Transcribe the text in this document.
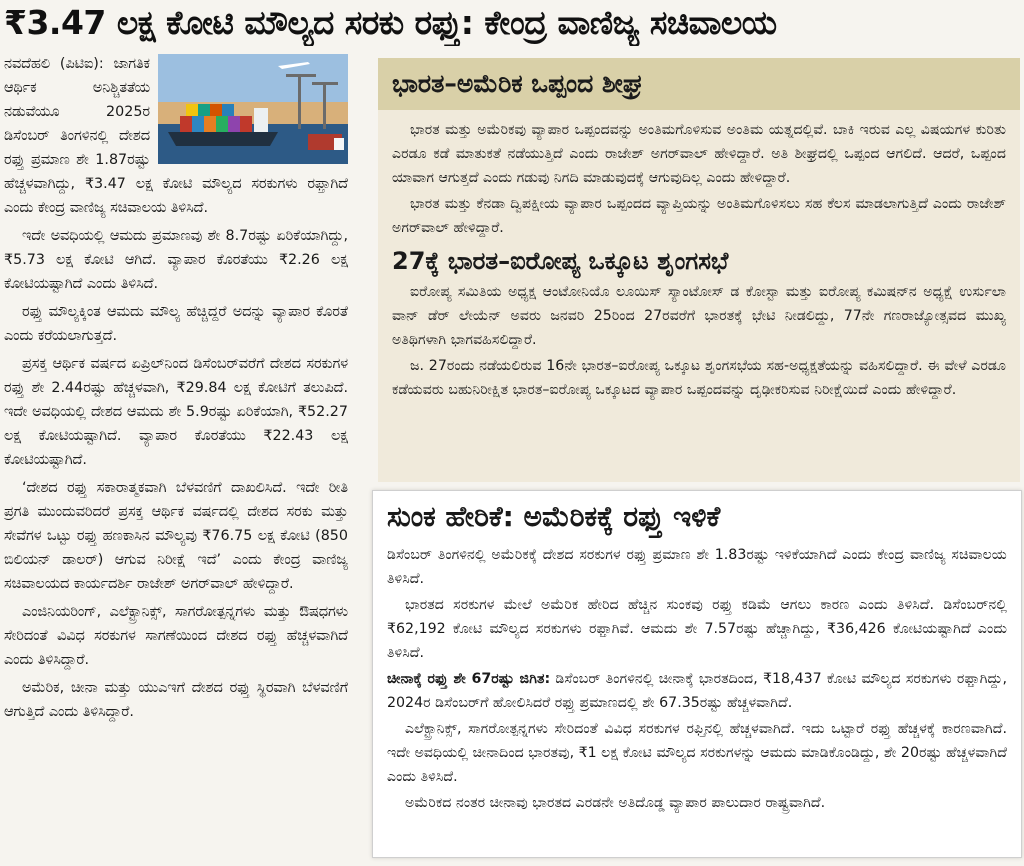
₹3.47 ಲಕ್ಷ ಕೋಟಿ ಮೌಲ್ಯದ ಸರಕು ರಫ್ತು: ಕೇಂದ್ರ ವಾಣಿಜ್ಯ ಸಚಿವಾಲಯ

ನವದೆಹಲಿ (ಪಿಟಿಐ): ಜಾಗತಿಕ ಆರ್ಥಿಕ ಅನಿಶ್ಚಿತತೆಯ ನಡುವೆಯೂ 2025ರ ಡಿಸೆಂಬರ್ ತಿಂಗಳಿನಲ್ಲಿ ದೇಶದ ರಫ್ತು ಪ್ರಮಾಣ ಶೇ 1.87ರಷ್ಟು ಹೆಚ್ಚಳವಾಗಿದ್ದು, ₹3.47 ಲಕ್ಷ ಕೋಟಿ ಮೌಲ್ಯದ ಸರಕುಗಳು ರಫ್ತಾಗಿದೆ ಎಂದು ಕೇಂದ್ರ ವಾಣಿಜ್ಯ ಸಚಿವಾಲಯ ತಿಳಿಸಿದೆ.

ಇದೇ ಅವಧಿಯಲ್ಲಿ ಆಮದು ಪ್ರಮಾಣವು ಶೇ 8.7ರಷ್ಟು ಏರಿಕೆಯಾಗಿದ್ದು, ₹5.73 ಲಕ್ಷ ಕೋಟಿ ಆಗಿದೆ. ವ್ಯಾಪಾರ ಕೊರತೆಯು ₹2.26 ಲಕ್ಷ ಕೋಟಿಯಷ್ಟಾಗಿದೆ ಎಂದು ತಿಳಿಸಿದೆ.

ರಫ್ತು ಮೌಲ್ಯಕ್ಕಿಂತ ಆಮದು ಮೌಲ್ಯ ಹೆಚ್ಚಿದ್ದರೆ ಅದನ್ನು ವ್ಯಾಪಾರ ಕೊರತೆ ಎಂದು ಕರೆಯಲಾಗುತ್ತದೆ.

ಪ್ರಸಕ್ತ ಆರ್ಥಿಕ ವರ್ಷದ ಏಪ್ರಿಲ್‌ನಿಂದ ಡಿಸೆಂಬರ್‌ವರೆಗೆ ದೇಶದ ಸರಕುಗಳ ರಫ್ತು ಶೇ 2.44ರಷ್ಟು ಹೆಚ್ಚಳವಾಗಿ, ₹29.84 ಲಕ್ಷ ಕೋಟಿಗೆ ತಲುಪಿದೆ. ಇದೇ ಅವಧಿಯಲ್ಲಿ ದೇಶದ ಆಮದು ಶೇ 5.9ರಷ್ಟು ಏರಿಕೆಯಾಗಿ, ₹52.27 ಲಕ್ಷ ಕೋಟಿಯಷ್ಟಾಗಿದೆ. ವ್ಯಾಪಾರ ಕೊರತೆಯು ₹22.43 ಲಕ್ಷ ಕೋಟಿಯಷ್ಟಾಗಿದೆ.

‘ದೇಶದ ರಫ್ತು ಸಕಾರಾತ್ಮಕವಾಗಿ ಬೆಳವಣಿಗೆ ದಾಖಲಿಸಿದೆ. ಇದೇ ರೀತಿ ಪ್ರಗತಿ ಮುಂದುವರಿದರೆ ಪ್ರಸಕ್ತ ಆರ್ಥಿಕ ವರ್ಷದಲ್ಲಿ ದೇಶದ ಸರಕು ಮತ್ತು ಸೇವೆಗಳ ಒಟ್ಟು ರಫ್ತು ಹಣಕಾಸಿನ ಮೌಲ್ಯವು ₹76.75 ಲಕ್ಷ ಕೋಟಿ (850 ಬಿಲಿಯನ್ ಡಾಲರ್) ಆಗುವ ನಿರೀಕ್ಷೆ ಇದೆ’ ಎಂದು ಕೇಂದ್ರ ವಾಣಿಜ್ಯ ಸಚಿವಾಲಯದ ಕಾರ್ಯದರ್ಶಿ ರಾಜೇಶ್ ಅಗರ್‌ವಾಲ್ ಹೇಳಿದ್ದಾರೆ.

ಎಂಜಿನಿಯರಿಂಗ್, ಎಲೆಕ್ಟ್ರಾನಿಕ್ಸ್, ಸಾಗರೋತ್ಪನ್ನಗಳು ಮತ್ತು ಔಷಧಗಳು ಸೇರಿದಂತೆ ವಿವಿಧ ಸರಕುಗಳ ಸಾಗಣೆಯಿಂದ ದೇಶದ ರಫ್ತು ಹೆಚ್ಚಳವಾಗಿದೆ ಎಂದು ತಿಳಿಸಿದ್ದಾರೆ.

ಅಮೆರಿಕ, ಚೀನಾ ಮತ್ತು ಯುಎಇಗೆ ದೇಶದ ರಫ್ತು ಸ್ಥಿರವಾಗಿ ಬೆಳವಣಿಗೆ ಆಗುತ್ತಿದೆ ಎಂದು ತಿಳಿಸಿದ್ದಾರೆ.

ಭಾರತ–ಅಮೆರಿಕ ಒಪ್ಪಂದ ಶೀಘ್ರ

ಭಾರತ ಮತ್ತು ಅಮೆರಿಕವು ವ್ಯಾಪಾರ ಒಪ್ಪಂದವನ್ನು ಅಂತಿಮಗೊಳಿಸುವ ಅಂತಿಮ ಯತ್ನದಲ್ಲಿವೆ. ಬಾಕಿ ಇರುವ ಎಲ್ಲ ವಿಷಯಗಳ ಕುರಿತು ಎರಡೂ ಕಡೆ ಮಾತುಕತೆ ನಡೆಯುತ್ತಿದೆ ಎಂದು ರಾಜೇಶ್ ಅಗರ್‌ವಾಲ್ ಹೇಳಿದ್ದಾರೆ. ಅತಿ ಶೀಘ್ರದಲ್ಲಿ ಒಪ್ಪಂದ ಆಗಲಿದೆ. ಆದರೆ, ಒಪ್ಪಂದ ಯಾವಾಗ ಆಗುತ್ತದೆ ಎಂದು ಗಡುವು ನಿಗದಿ ಮಾಡುವುದಕ್ಕೆ ಆಗುವುದಿಲ್ಲ ಎಂದು ಹೇಳಿದ್ದಾರೆ.

ಭಾರತ ಮತ್ತು ಕೆನಡಾ ದ್ವಿಪಕ್ಷೀಯ ವ್ಯಾಪಾರ ಒಪ್ಪಂದದ ವ್ಯಾಪ್ತಿಯನ್ನು ಅಂತಿಮಗೊಳಿಸಲು ಸಹ ಕೆಲಸ ಮಾಡಲಾಗುತ್ತಿದೆ ಎಂದು ರಾಜೇಶ್ ಅಗರ್‌ವಾಲ್ ಹೇಳಿದ್ದಾರೆ.

27ಕ್ಕೆ ಭಾರತ–ಐರೋಪ್ಯ ಒಕ್ಕೂಟ ಶೃಂಗಸಭೆ

ಐರೋಪ್ಯ ಸಮಿತಿಯ ಅಧ್ಯಕ್ಷ ಆಂಟೋನಿಯೊ ಲೂಯಿಸ್ ಸ್ಯಾಂಟೋಸ್ ಡ ಕೋಸ್ಟಾ ಮತ್ತು ಐರೋಪ್ಯ ಕಮಿಷನ್‌ನ ಅಧ್ಯಕ್ಷೆ ಉರ್ಸುಲಾ ವಾನ್ ಡೆರ್ ಲೇಯೆನ್ ಅವರು ಜನವರಿ 25ರಿಂದ 27ರವರೆಗೆ ಭಾರತಕ್ಕೆ ಭೇಟಿ ನೀಡಲಿದ್ದು, 77ನೇ ಗಣರಾಜ್ಯೋತ್ಸವದ ಮುಖ್ಯ ಅತಿಥಿಗಳಾಗಿ ಭಾಗವಹಿಸಲಿದ್ದಾರೆ.

ಜ. 27ರಂದು ನಡೆಯಲಿರುವ 16ನೇ ಭಾರತ–ಐರೋಪ್ಯ ಒಕ್ಕೂಟ ಶೃಂಗಸಭೆಯ ಸಹ-ಅಧ್ಯಕ್ಷತೆಯನ್ನು ವಹಿಸಲಿದ್ದಾರೆ. ಈ ವೇಳೆ ಎರಡೂ ಕಡೆಯವರು ಬಹುನಿರೀಕ್ಷಿತ ಭಾರತ–ಐರೋಪ್ಯ ಒಕ್ಕೂಟದ ವ್ಯಾಪಾರ ಒಪ್ಪಂದವನ್ನು ದೃಢೀಕರಿಸುವ ನಿರೀಕ್ಷೆಯಿದೆ ಎಂದು ಹೇಳಿದ್ದಾರೆ.

ಸುಂಕ ಹೇರಿಕೆ: ಅಮೆರಿಕಕ್ಕೆ ರಫ್ತು ಇಳಿಕೆ

ಡಿಸೆಂಬರ್ ತಿಂಗಳಿನಲ್ಲಿ ಅಮೆರಿಕಕ್ಕೆ ದೇಶದ ಸರಕುಗಳ ರಫ್ತು ಪ್ರಮಾಣ ಶೇ 1.83ರಷ್ಟು ಇಳಿಕೆಯಾಗಿದೆ ಎಂದು ಕೇಂದ್ರ ವಾಣಿಜ್ಯ ಸಚಿವಾಲಯ ತಿಳಿಸಿದೆ.

ಭಾರತದ ಸರಕುಗಳ ಮೇಲೆ ಅಮೆರಿಕ ಹೇರಿದ ಹೆಚ್ಚಿನ ಸುಂಕವು ರಫ್ತು ಕಡಿಮೆ ಆಗಲು ಕಾರಣ ಎಂದು ತಿಳಿಸಿದೆ. ಡಿಸೆಂಬರ್‌ನಲ್ಲಿ ₹62,192 ಕೋಟಿ ಮೌಲ್ಯದ ಸರಕುಗಳು ರಫ್ತಾಗಿವೆ. ಆಮದು ಶೇ 7.57ರಷ್ಟು ಹೆಚ್ಚಾಗಿದ್ದು, ₹36,426 ಕೋಟಿಯಷ್ಟಾಗಿದೆ ಎಂದು ತಿಳಿಸಿದೆ.

ಚೀನಾಕ್ಕೆ ರಫ್ತು ಶೇ 67ರಷ್ಟು ಜಿಗಿತ: ಡಿಸೆಂಬರ್ ತಿಂಗಳಿನಲ್ಲಿ ಚೀನಾಕ್ಕೆ ಭಾರತದಿಂದ, ₹18,437 ಕೋಟಿ ಮೌಲ್ಯದ ಸರಕುಗಳು ರಫ್ತಾಗಿದ್ದು, 2024ರ ಡಿಸೆಂಬರ್‌ಗೆ ಹೋಲಿಸಿದರೆ ರಫ್ತು ಪ್ರಮಾಣದಲ್ಲಿ ಶೇ 67.35ರಷ್ಟು ಹೆಚ್ಚಳವಾಗಿದೆ.

ಎಲೆಕ್ಟ್ರಾನಿಕ್ಸ್, ಸಾಗರೋತ್ಪನ್ನಗಳು ಸೇರಿದಂತೆ ವಿವಿಧ ಸರಕುಗಳ ರಫ್ತಿನಲ್ಲಿ ಹೆಚ್ಚಳವಾಗಿದೆ. ಇದು ಒಟ್ಟಾರೆ ರಫ್ತು ಹೆಚ್ಚಳಕ್ಕೆ ಕಾರಣವಾಗಿದೆ. ಇದೇ ಅವಧಿಯಲ್ಲಿ ಚೀನಾದಿಂದ ಭಾರತವು, ₹1 ಲಕ್ಷ ಕೋಟಿ ಮೌಲ್ಯದ ಸರಕುಗಳನ್ನು ಆಮದು ಮಾಡಿಕೊಂಡಿದ್ದು, ಶೇ 20ರಷ್ಟು ಹೆಚ್ಚಳವಾಗಿದೆ ಎಂದು ತಿಳಿಸಿದೆ.

ಅಮೆರಿಕದ ನಂತರ ಚೀನಾವು ಭಾರತದ ಎರಡನೇ ಅತಿದೊಡ್ಡ ವ್ಯಾಪಾರ ಪಾಲುದಾರ ರಾಷ್ಟ್ರವಾಗಿದೆ.
